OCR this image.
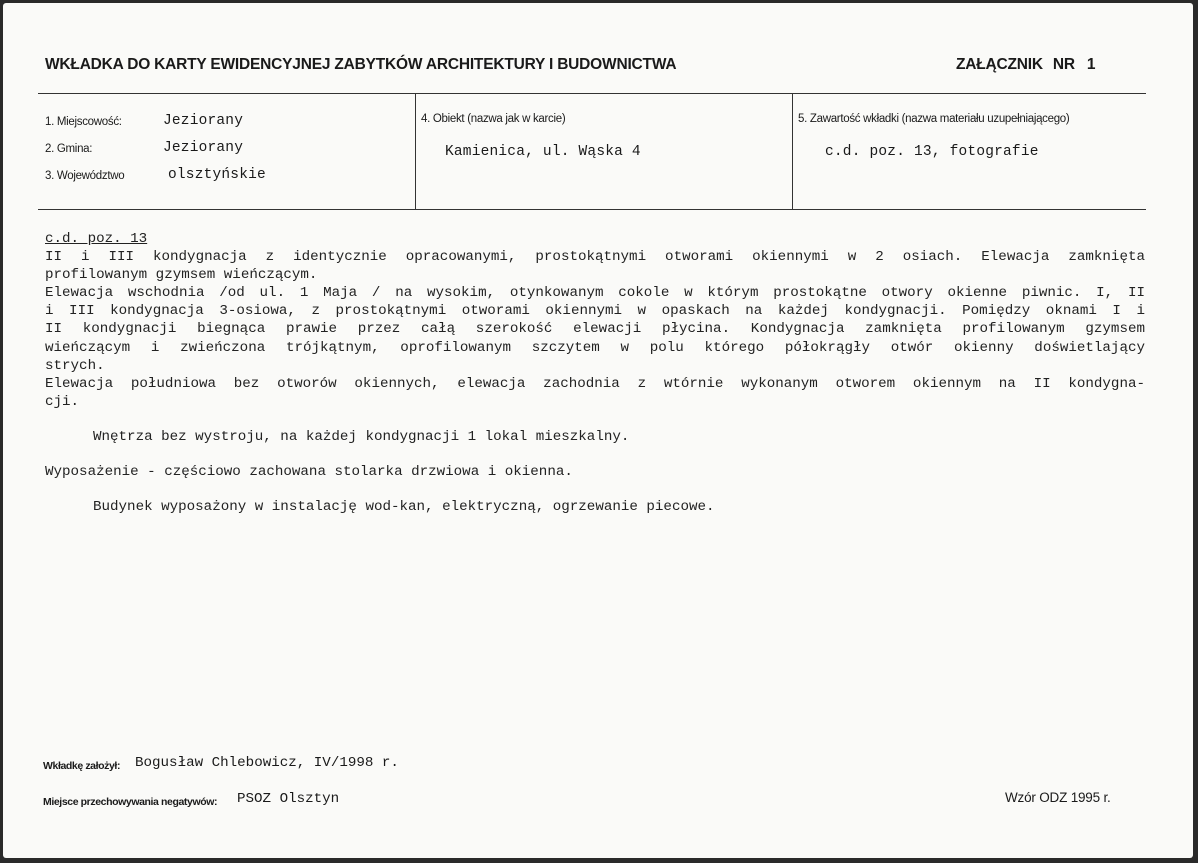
WKŁADKA DO KARTY EWIDENCYJNEJ ZABYTKÓW ARCHITEKTURY I BUDOWNICTWA	ZAŁĄCZNIK NR 1
1. Miejscowość:	Jeziorany
2. Gmina:	Jeziorany
3. Województwo	olsztyńskie
4. Obiekt (nazwa jak w karcie)
Kamienica, ul. Wąska 4
5. Zawartość wkładki (nazwa materiału uzupełniającego)
c.d. poz. 13, fotografie
c.d. poz. 13
II i III kondygnacja z identycznie opracowanymi, prostokątnymi otworami okiennymi w 2 osiach. Elewacja zamknięta
profilowanym gzymsem wieńczącym.
Elewacja wschodnia /od ul. 1 Maja / na wysokim, otynkowanym cokole w którym prostokątne otwory okienne piwnic. I, II
i III kondygnacja 3-osiowa, z prostokątnymi otworami okiennymi w opaskach na każdej kondygnacji. Pomiędzy oknami I i
II kondygnacji biegnąca prawie przez całą szerokość elewacji płycina. Kondygnacja zamknięta profilowanym gzymsem
wieńczącym i zwieńczona trójkątnym, oprofilowanym szczytem w polu którego półokrągły otwór okienny doświetlający
strych.
Elewacja południowa bez otworów okiennych, elewacja zachodnia z wtórnie wykonanym otworem okiennym na II kondygna-
cji.
Wnętrza bez wystroju, na każdej kondygnacji 1 lokal mieszkalny.
Wyposażenie - częściowo zachowana stolarka drzwiowa i okienna.
Budynek wyposażony w instalację wod-kan, elektryczną, ogrzewanie piecowe.
Wkładkę założył: Bogusław Chlebowicz, IV/1998 r.
Miejsce przechowywania negatywów: PSOZ Olsztyn	Wzór ODZ 1995 r.
